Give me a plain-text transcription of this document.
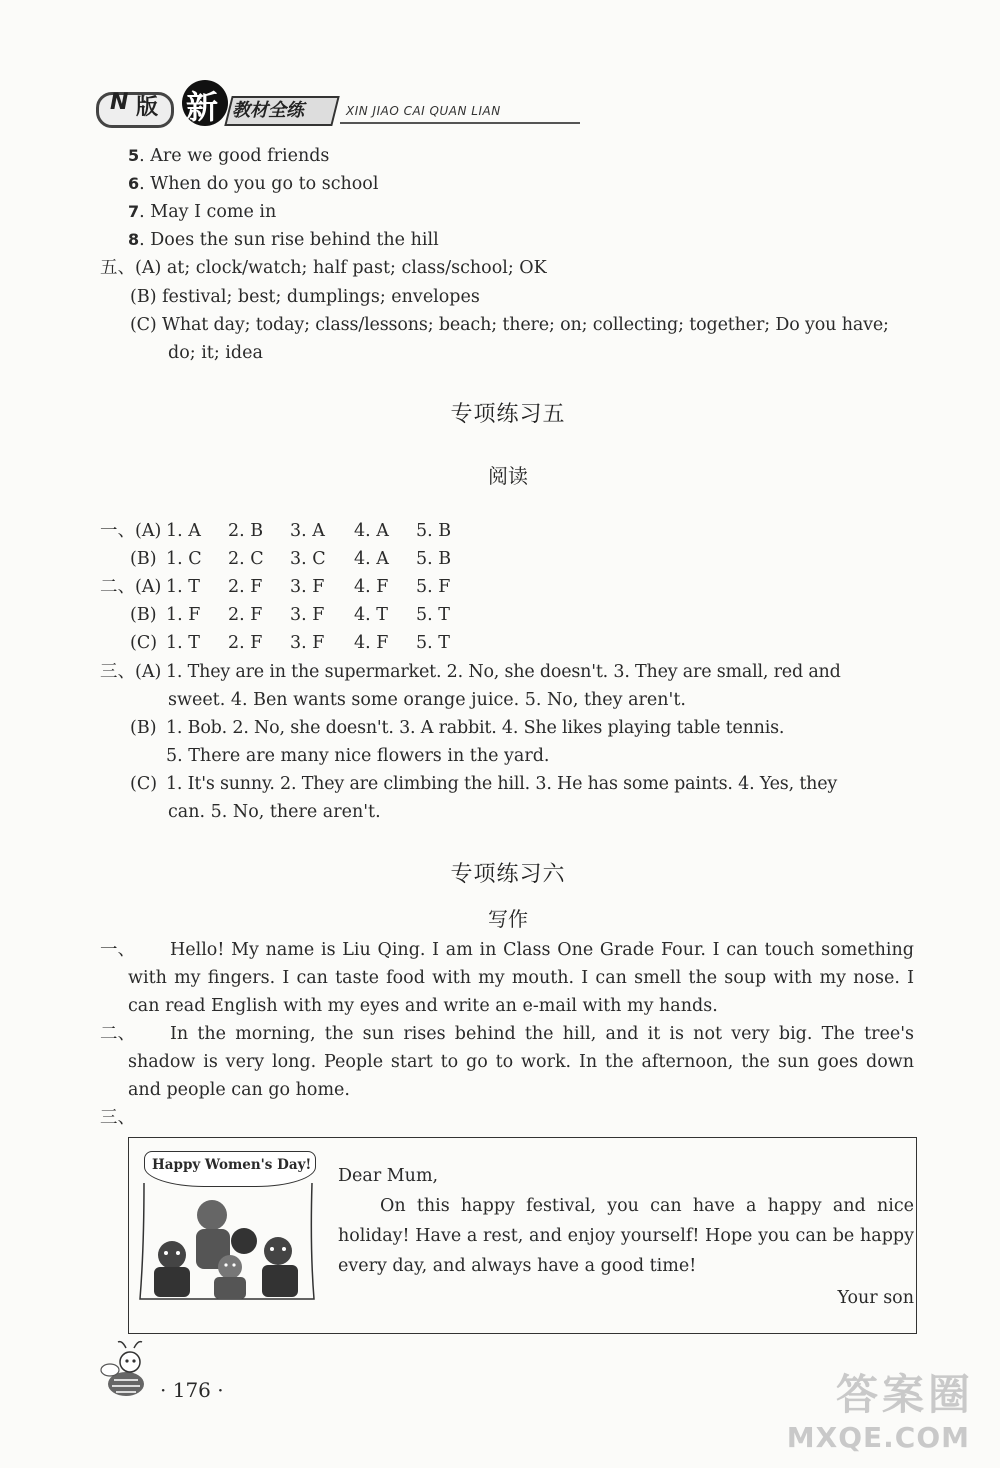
N 版 新 教材全练	XIN JIAO CAI QUAN LIAN
5. Are we good friends
6. When do you go to school
7. May I come in
8. Does the sun rise behind the hill
五、(A) at; clock/watch; half past; class/school; OK
(B) festival; best; dumplings; envelopes
(C) What day; today; class/lessons; beach; there; on; collecting; together; Do you have;
do; it; idea
专项练习五
阅读
一、(A) 1. A 2. B 3. A 4. A 5. B
(B) 1. C 2. C 3. C 4. A 5. B
二、(A) 1. T 2. F 3. F 4. F 5. F
(B) 1. F 2. F 3. F 4. T 5. T
(C) 1. T 2. F 3. F 4. F 5. T
三、(A) 1. They are in the supermarket. 2. No, she doesn't. 3. They are small, red and
sweet. 4. Ben wants some orange juice. 5. No, they aren't.
(B) 1. Bob. 2. No, she doesn't. 3. A rabbit. 4. She likes playing table tennis.
5. There are many nice flowers in the yard.
(C) 1. It's sunny. 2. They are climbing the hill. 3. He has some paints. 4. Yes, they
can. 5. No, there aren't.
专项练习六
写作
一、	Hello! My name is Liu Qing. I am in Class One Grade Four. I can touch something with my fingers. I can taste food with my mouth. I can smell the soup with my nose. I can read English with my eyes and write an e-mail with my hands.
二、	In the morning, the sun rises behind the hill, and it is not very big. The tree's shadow is very long. People start to go to work. In the afternoon, the sun goes down and people can go home.
三、
Happy Women's Day!
Dear Mum,
On this happy festival, you can have a happy and nice holiday! Have a rest, and enjoy yourself! Hope you can be happy every day, and always have a good time!
Your son
· 176 ·	答案圈
MXQE.COM
